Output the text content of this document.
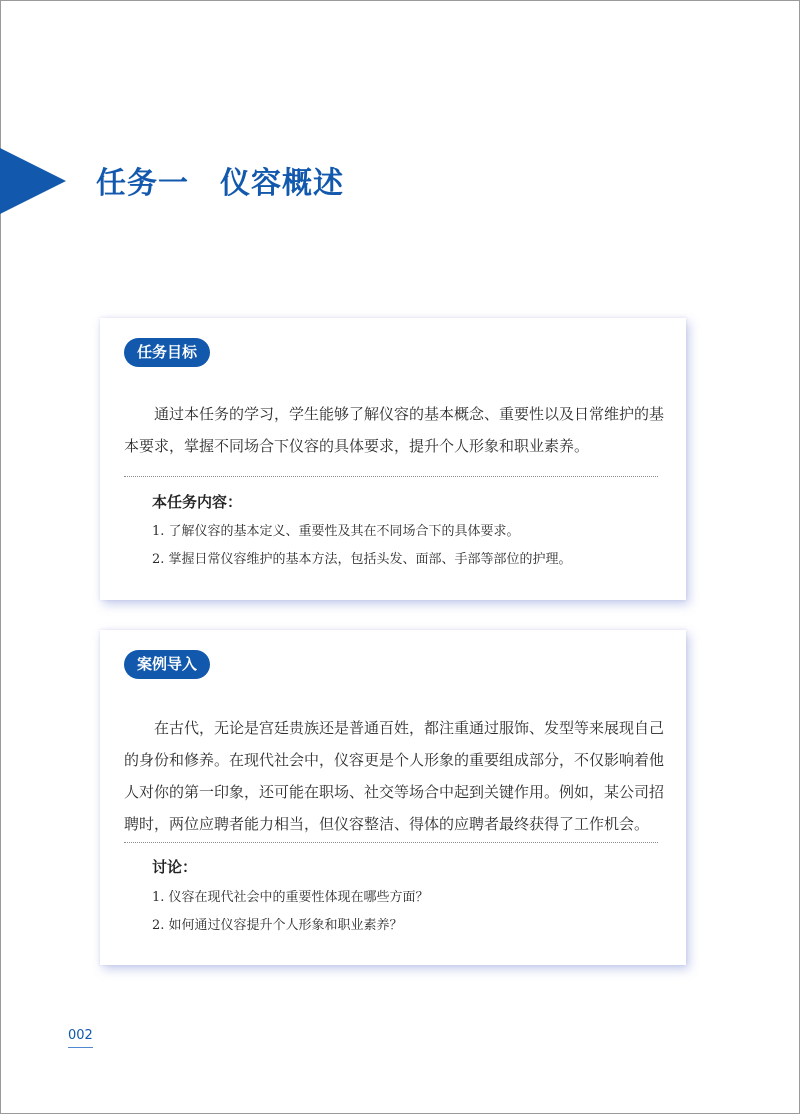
任务一　仪容概述
任务目标

通过本任务的学习，学生能够了解仪容的基本概念、重要性以及日常维护的基本要求，掌握不同场合下仪容的具体要求，提升个人形象和职业素养。

本任务内容：
1. 了解仪容的基本定义、重要性及其在不同场合下的具体要求。
2. 掌握日常仪容维护的基本方法，包括头发、面部、手部等部位的护理。
案例导入

在古代，无论是宫廷贵族还是普通百姓，都注重通过服饰、发型等来展现自己的身份和修养。在现代社会中，仪容更是个人形象的重要组成部分，不仅影响着他人对你的第一印象，还可能在职场、社交等场合中起到关键作用。例如，某公司招聘时，两位应聘者能力相当，但仪容整洁、得体的应聘者最终获得了工作机会。

讨论：
1. 仪容在现代社会中的重要性体现在哪些方面？
2. 如何通过仪容提升个人形象和职业素养？
002
